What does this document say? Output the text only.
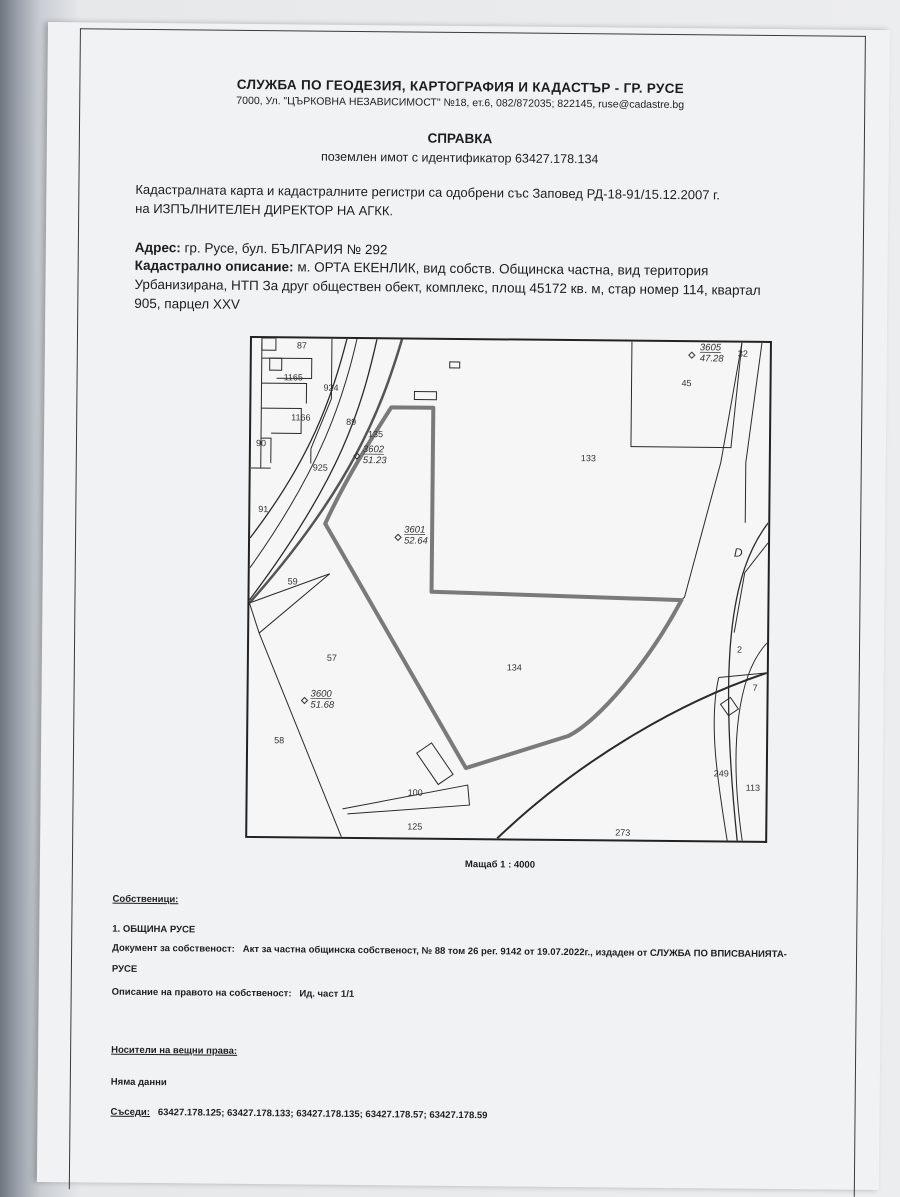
СЛУЖБА ПО ГЕОДЕЗИЯ, КАРТОГРАФИЯ И КАДАСТЪР - ГР. РУСЕ
7000, Ул. "ЦЪРКОВНА НЕЗАВИСИМОСТ" №18, ет.6, 082/872035; 822145, ruse@cadastre.bg
СПРАВКА
поземлен имот с идентификатор 63427.178.134
Кадастралната карта и кадастралните регистри са одобрени със Заповед РД-18-91/15.12.2007 г.
на ИЗПЪЛНИТЕЛЕН ДИРЕКТОР НА АГКК.
Адрес: гр. Русе, бул. БЪЛГАРИЯ № 292
Кадастрално описание: м. ОРТА ЕКЕНЛИК, вид собств. Общинска частна, вид територия
Урбанизирана, НТП За друг обществен обект, комплекс, площ 45172 кв. м, стар номер 114, квартал
905, парцел XXV
87
1165
924
1166	89
90
135
925
91
133
45
59
57
134
58
100
125
273
2
7
249
113
D
32
3602
51.23
3601
52.64
3600
51.68
3605
47.28
Мащаб 1 : 4000
Собственици:
1. ОБЩИНА РУСЕ
Документ за собственост: Акт за частна общинска собственост, № 88 том 26 рег. 9142 от 19.07.2022г., издаден от СЛУЖБА ПО ВПИСВАНИЯТА-
РУСЕ
Описание на правото на собственост: Ид. част 1/1
Носители на вещни права:
Няма данни
Съседи: 63427.178.125; 63427.178.133; 63427.178.135; 63427.178.57; 63427.178.59
